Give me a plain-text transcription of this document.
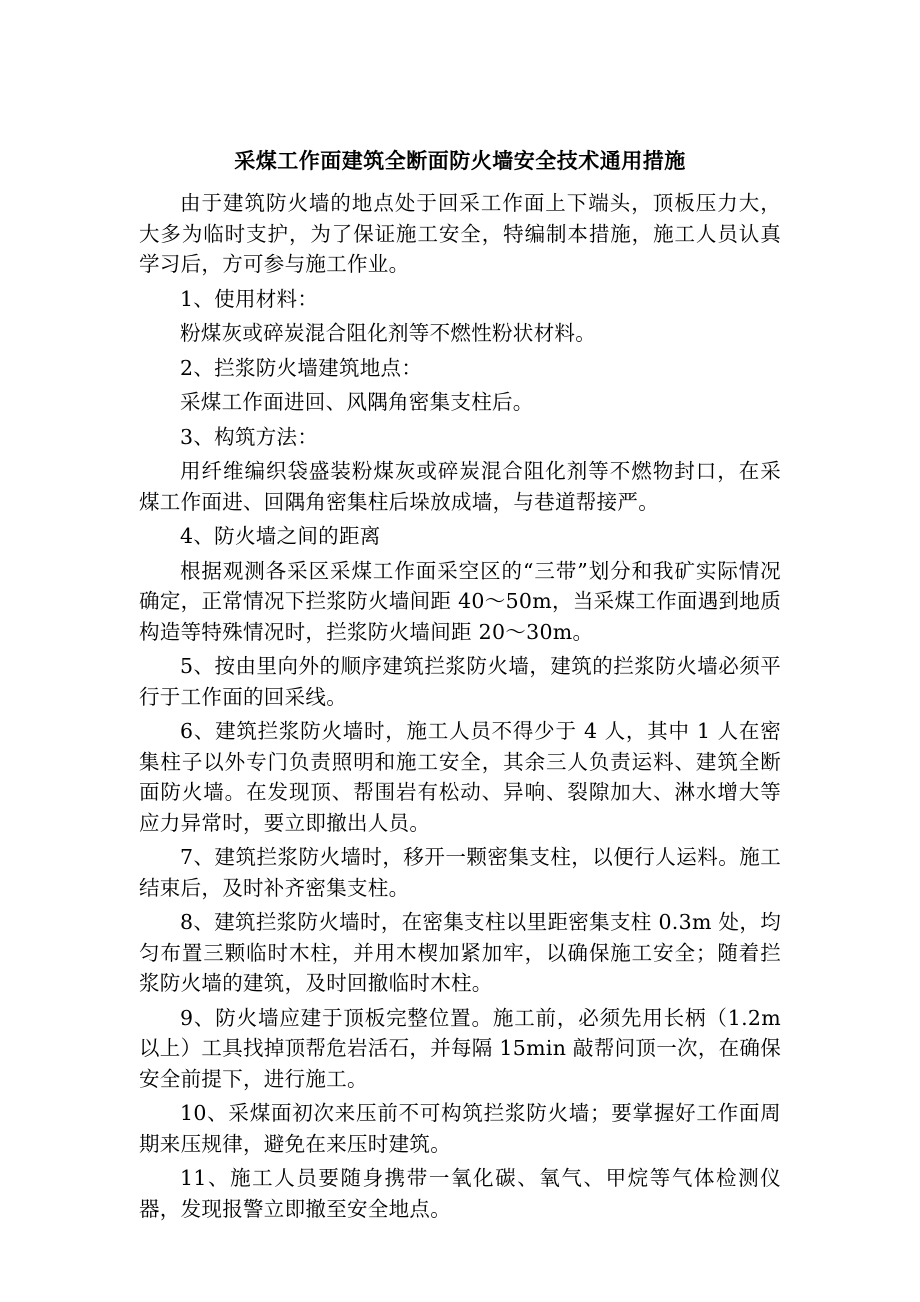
采煤工作面建筑全断面防火墙安全技术通用措施

由于建筑防火墙的地点处于回采工作面上下端头，顶板压力大，大多为临时支护，为了保证施工安全，特编制本措施，施工人员认真学习后，方可参与施工作业。

1、使用材料：

粉煤灰或碎炭混合阻化剂等不燃性粉状材料。

2、拦浆防火墙建筑地点：

采煤工作面进回、风隅角密集支柱后。

3、构筑方法：

用纤维编织袋盛装粉煤灰或碎炭混合阻化剂等不燃物封口，在采煤工作面进、回隅角密集柱后垛放成墙，与巷道帮接严。

4、防火墙之间的距离

根据观测各采区采煤工作面采空区的“三带”划分和我矿实际情况确定，正常情况下拦浆防火墙间距 40～50m，当采煤工作面遇到地质构造等特殊情况时，拦浆防火墙间距 20～30m。

5、按由里向外的顺序建筑拦浆防火墙，建筑的拦浆防火墙必须平行于工作面的回采线。

6、建筑拦浆防火墙时，施工人员不得少于 4 人，其中 1 人在密集柱子以外专门负责照明和施工安全，其余三人负责运料、建筑全断面防火墙。在发现顶、帮围岩有松动、异响、裂隙加大、淋水增大等应力异常时，要立即撤出人员。

7、建筑拦浆防火墙时，移开一颗密集支柱，以便行人运料。施工结束后，及时补齐密集支柱。

8、建筑拦浆防火墙时，在密集支柱以里距密集支柱 0.3m 处，均匀布置三颗临时木柱，并用木楔加紧加牢，以确保施工安全；随着拦浆防火墙的建筑，及时回撤临时木柱。

9、防火墙应建于顶板完整位置。施工前，必须先用长柄（1.2m 以上）工具找掉顶帮危岩活石，并每隔 15min 敲帮问顶一次，在确保安全前提下，进行施工。

10、采煤面初次来压前不可构筑拦浆防火墙；要掌握好工作面周期来压规律，避免在来压时建筑。

11、施工人员要随身携带一氧化碳、氧气、甲烷等气体检测仪器，发现报警立即撤至安全地点。
